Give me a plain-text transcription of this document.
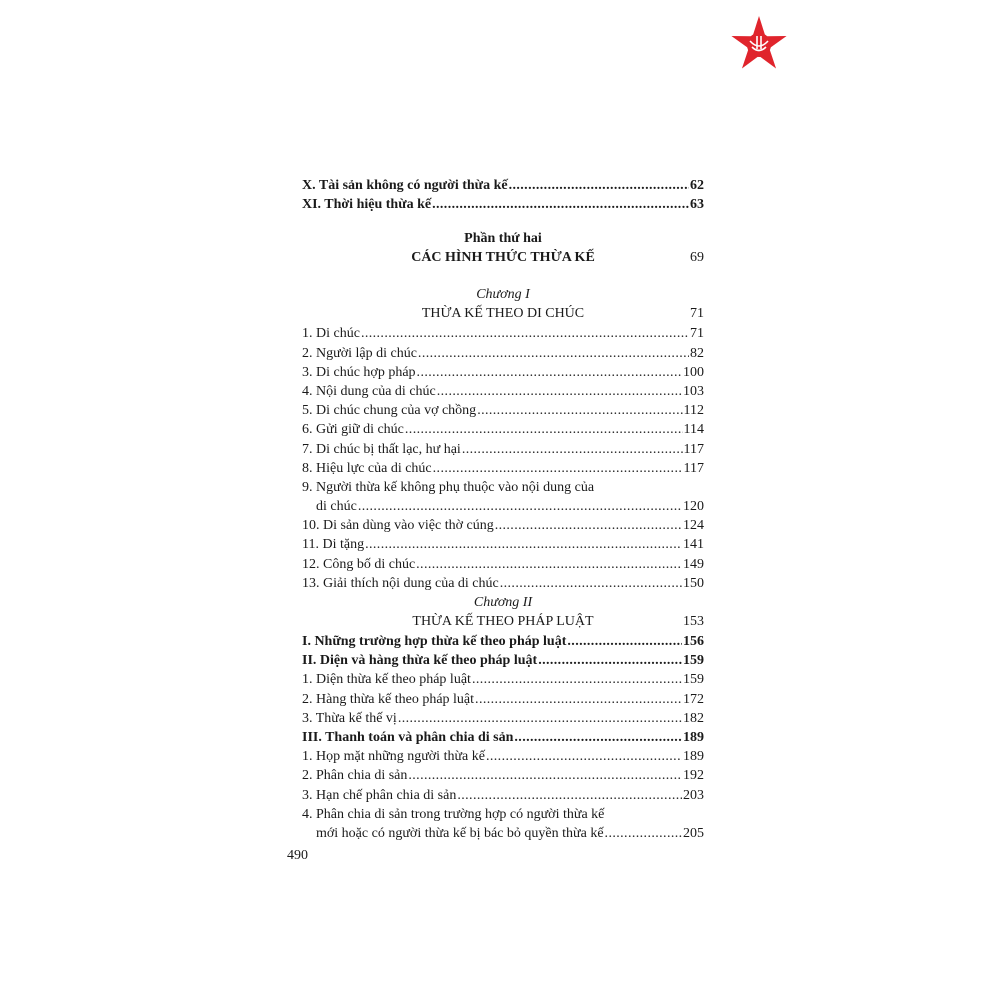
X. Tài sản không có người thừa kế .....	62
XI. Thời hiệu thừa kế .....	63
Phần thứ hai
CÁC HÌNH THỨC THỪA KẾ	69
Chương I
THỪA KẾ THEO DI CHÚC	71
1. Di chúc .....	71
2. Người lập di chúc .....	82
3. Di chúc hợp pháp .....	100
4. Nội dung của di chúc .....	103
5. Di chúc chung của vợ chồng .....	112
6. Gửi giữ di chúc .....	114
7. Di chúc bị thất lạc, hư hại .....	117
8. Hiệu lực của di chúc .....	117
9. Người thừa kế không phụ thuộc vào nội dung của
di chúc .....	120
10. Di sản dùng vào việc thờ cúng .....	124
11. Di tặng .....	141
12. Công bố di chúc .....	149
13. Giải thích nội dung của di chúc .....	150
Chương II
THỪA KẾ THEO PHÁP LUẬT	153
I. Những trường hợp thừa kế theo pháp luật .....	156
II. Diện và hàng thừa kế theo pháp luật .....	159
1. Diện thừa kế theo pháp luật .....	159
2. Hàng thừa kế theo pháp luật .....	172
3. Thừa kế thế vị .....	182
III. Thanh toán và phân chia di sản .....	189
1. Họp mặt những người thừa kế .....	189
2. Phân chia di sản .....	192
3. Hạn chế phân chia di sản .....	203
4. Phân chia di sản trong trường hợp có người thừa kế
mới hoặc có người thừa kế bị bác bỏ quyền thừa kế .....	205
490
